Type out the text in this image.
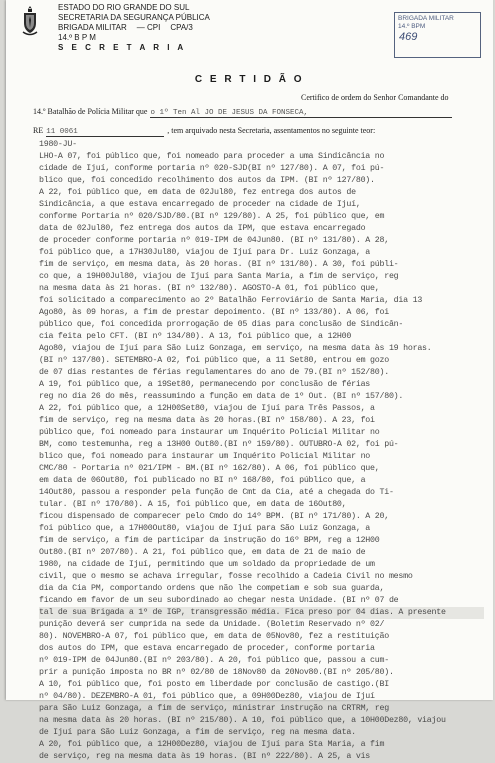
ESTADO DO RIO GRANDE DO SUL
SECRETARIA DA SEGURANÇA PÚBLICA
BRIGADA MILITAR — CPI CPA/3
14.º B P M
S E C R E T A R I A
BRIGADA MILITAR
14.º BPM
469
C E R T I D Ã O
Certifico de ordem do Senhor Comandante do
14.º Batalhão de Polícia Militar que o 1º Ten Al JO DE JESUS DA FONSECA,
RE 11 0061	, tem arquivado nesta Secretaria, assentamentos no seguinte teor:
1980-JU-
LHO-A 07, foi público que, foi nomeado para proceder a uma Sindicância no
cidade de Ijuí, conforme portaria nº 020-SJD(BI nº 127/80). A 07, foi pú-
blico que, foi concedido recolhimento dos autos da IPM. (BI nº 127/80).
A 22, foi público que, em data de 02Jul80, fez entrega dos autos de
Sindicância, a que estava encarregado de proceder na cidade de Ijuí,
conforme Portaria nº 020/SJD/80.(BI nº 129/80). A 25, foi público que, em
data de 02Jul80, fez entrega dos autos da IPM, que estava encarregado
de proceder conforme portaria nº 019-IPM de 04Jun80. (BI nº 131/80). A 28,
foi público que, a 17H30Jul80, viajou de Ijuí para Dr. Luiz Gonzaga, a
fim de serviço, em mesma data, às 20 horas. (BI nº 131/80). A 30, foi públi-
co que, a 19H00Jul80, viajou de Ijuí para Santa Maria, a fim de serviço, reg
na mesma data às 21 horas. (BI nº 132/80). AGOSTO-A 01, foi público que,
foi solicitado a comparecimento ao 2º Batalhão Ferroviário de Santa Maria, dia 13
Ago80, às 09 horas, a fim de prestar depoimento. (BI nº 133/80). A 06, foi
público que, foi concedida prorrogação de 05 dias para conclusão de Sindicân-
cia feita pelo CFT. (BI nº 134/80). A 13, foi público que, a 12H00
Ago80, viajou de Ijuí para São Luiz Gonzaga, em serviço, na mesma data às 19 horas.
(BI nº 137/80). SETEMBRO-A 02, foi público que, a 11 Set80, entrou em gozo
de 07 dias restantes de férias regulamentares do ano de 79.(BI nº 152/80).
A 19, foi público que, a 19Set80, permanecendo por conclusão de férias
reg no dia 26 do mês, reassumindo a função em data de 1º Out. (BI nº 157/80).
A 22, foi público que, a 12H00Set80, viajou de Ijuí para Três Passos, a
fim de serviço, reg na mesma data às 20 horas.(BI nº 158/80). A 23, foi
público que, foi nomeado para instaurar um Inquérito Policial Militar no
BM, como testemunha, reg a 13H00 Out80.(BI nº 159/80). OUTUBRO-A 02, foi pú-
blico que, foi nomeado para instaurar um Inquérito Policial Militar no
CMC/80 - Portaria nº 021/IPM - BM.(BI nº 162/80). A 06, foi público que,
em data de 06Out80, foi publicado no BI nº 168/80, foi público que, a
14Out80, passou a responder pela função de Cmt da Cia, até a chegada do Ti-
tular. (BI nº 170/80). A 15, foi público que, em data de 16Out80,
ficou dispensado de comparecer pelo Cmdo do 14º BPM. (BI nº 171/80). A 20,
foi público que, a 17H00Out80, viajou de Ijuí para São Luiz Gonzaga, a
fim de serviço, a fim de participar da instrução do 16º BPM, reg a 12H00
Out80.(BI nº 207/80). A 21, foi público que, em data de 21 de maio de
1980, na cidade de Ijuí, permitindo que um soldado da propriedade de um
civil, que o mesmo se achava irregular, fosse recolhido a Cadeia Civil no mesmo
dia da Cia PM, comportando ordens que não lhe competiam e sob sua guarda,
ficando em favor de um seu subordinado ao chegar nesta Unidade. (BI nº 07 de
tal de sua Brigada a 1º de IGP, transgressão média. Fica preso por 04 dias. A presente
punição deverá ser cumprida na sede da Unidade. (Boletim Reservado nº 02/
80). NOVEMBRO-A 07, foi público que, em data de 05Nov80, fez a restituição
dos autos do IPM, que estava encarregado de proceder, conforme portaria
nº 019-IPM de 04Jun80.(BI nº 203/80). A 20, foi público que, passou a cum-
prir a punição imposta no BR nº 02/80 de 18Nov80 da 20Nov80.(BI nº 205/80).
A 10, foi público que, foi posto em liberdade por conclusão de castigo.(BI
nº 04/80). DEZEMBRO-A 01, foi público que, a 09H00Dez80, viajou de Ijuí
para São Luiz Gonzaga, a fim de serviço, ministrar instrução na CRTRM, reg
na mesma data às 20 horas. (BI nº 215/80). A 10, foi público que, a 10H00Dez80, viajou
de Ijuí para São Luiz Gonzaga, a fim de serviço, reg na mesma data.
A 20, foi público que, a 12H00Dez80, viajou de Ijuí para Sta Maria, a fim
de serviço, reg na mesma data às 19 horas. (BI nº 222/80). A 25, a vis
